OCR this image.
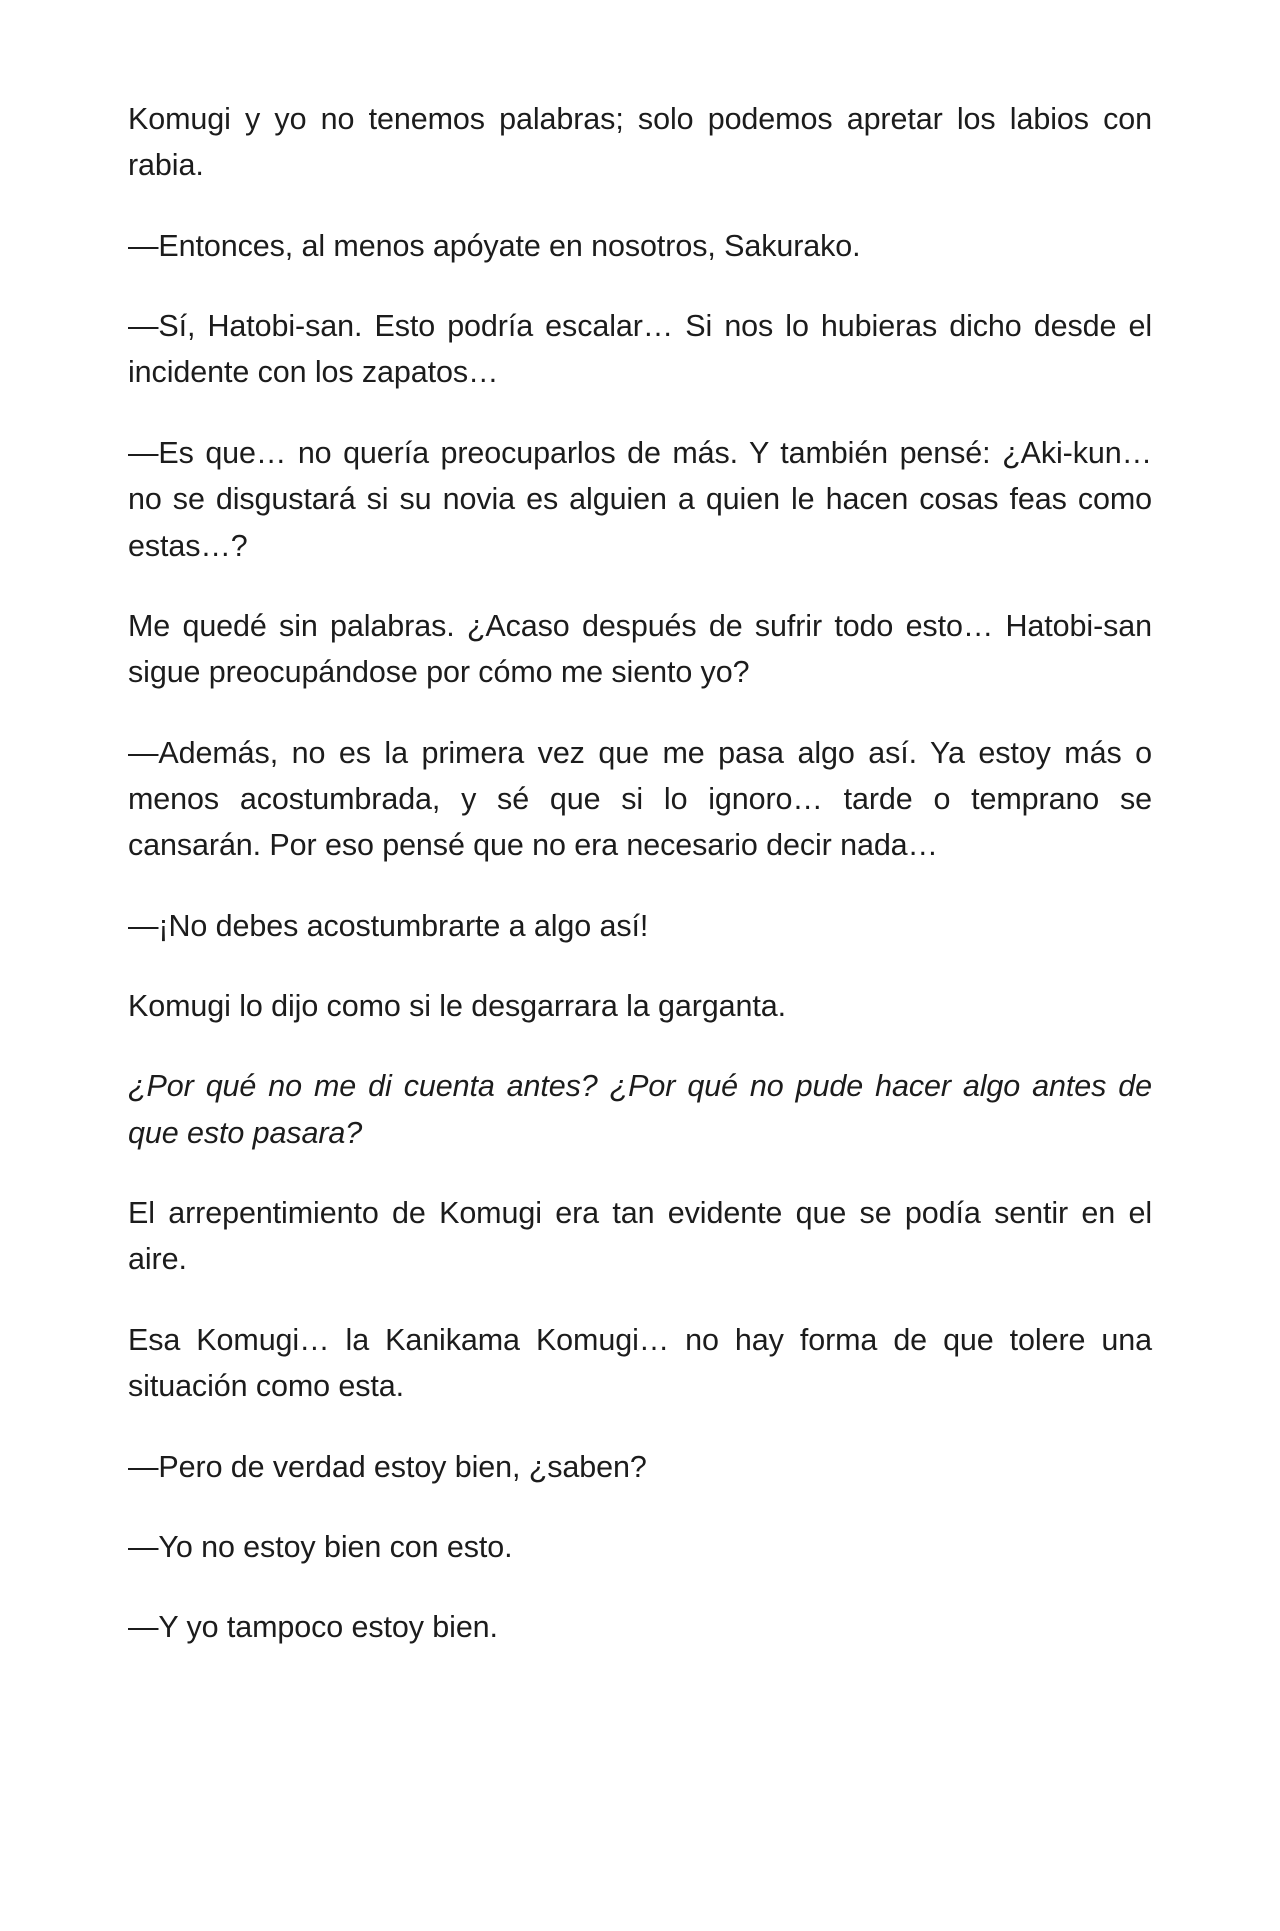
Komugi y yo no tenemos palabras; solo podemos apretar los labios con rabia.

—Entonces, al menos apóyate en nosotros, Sakurako.

—Sí, Hatobi-san. Esto podría escalar… Si nos lo hubieras dicho desde el incidente con los zapatos…

—Es que… no quería preocuparlos de más. Y también pensé: ¿Aki-kun… no se disgustará si su novia es alguien a quien le hacen cosas feas como estas…?

Me quedé sin palabras. ¿Acaso después de sufrir todo esto… Hatobi-san sigue preocupándose por cómo me siento yo?

—Además, no es la primera vez que me pasa algo así. Ya estoy más o menos acostumbrada, y sé que si lo ignoro… tarde o temprano se cansarán. Por eso pensé que no era necesario decir nada…

—¡No debes acostumbrarte a algo así!

Komugi lo dijo como si le desgarrara la garganta.

¿Por qué no me di cuenta antes? ¿Por qué no pude hacer algo antes de que esto pasara?

El arrepentimiento de Komugi era tan evidente que se podía sentir en el aire.

Esa Komugi… la Kanikama Komugi… no hay forma de que tolere una situación como esta.

—Pero de verdad estoy bien, ¿saben?

—Yo no estoy bien con esto.

—Y yo tampoco estoy bien.
